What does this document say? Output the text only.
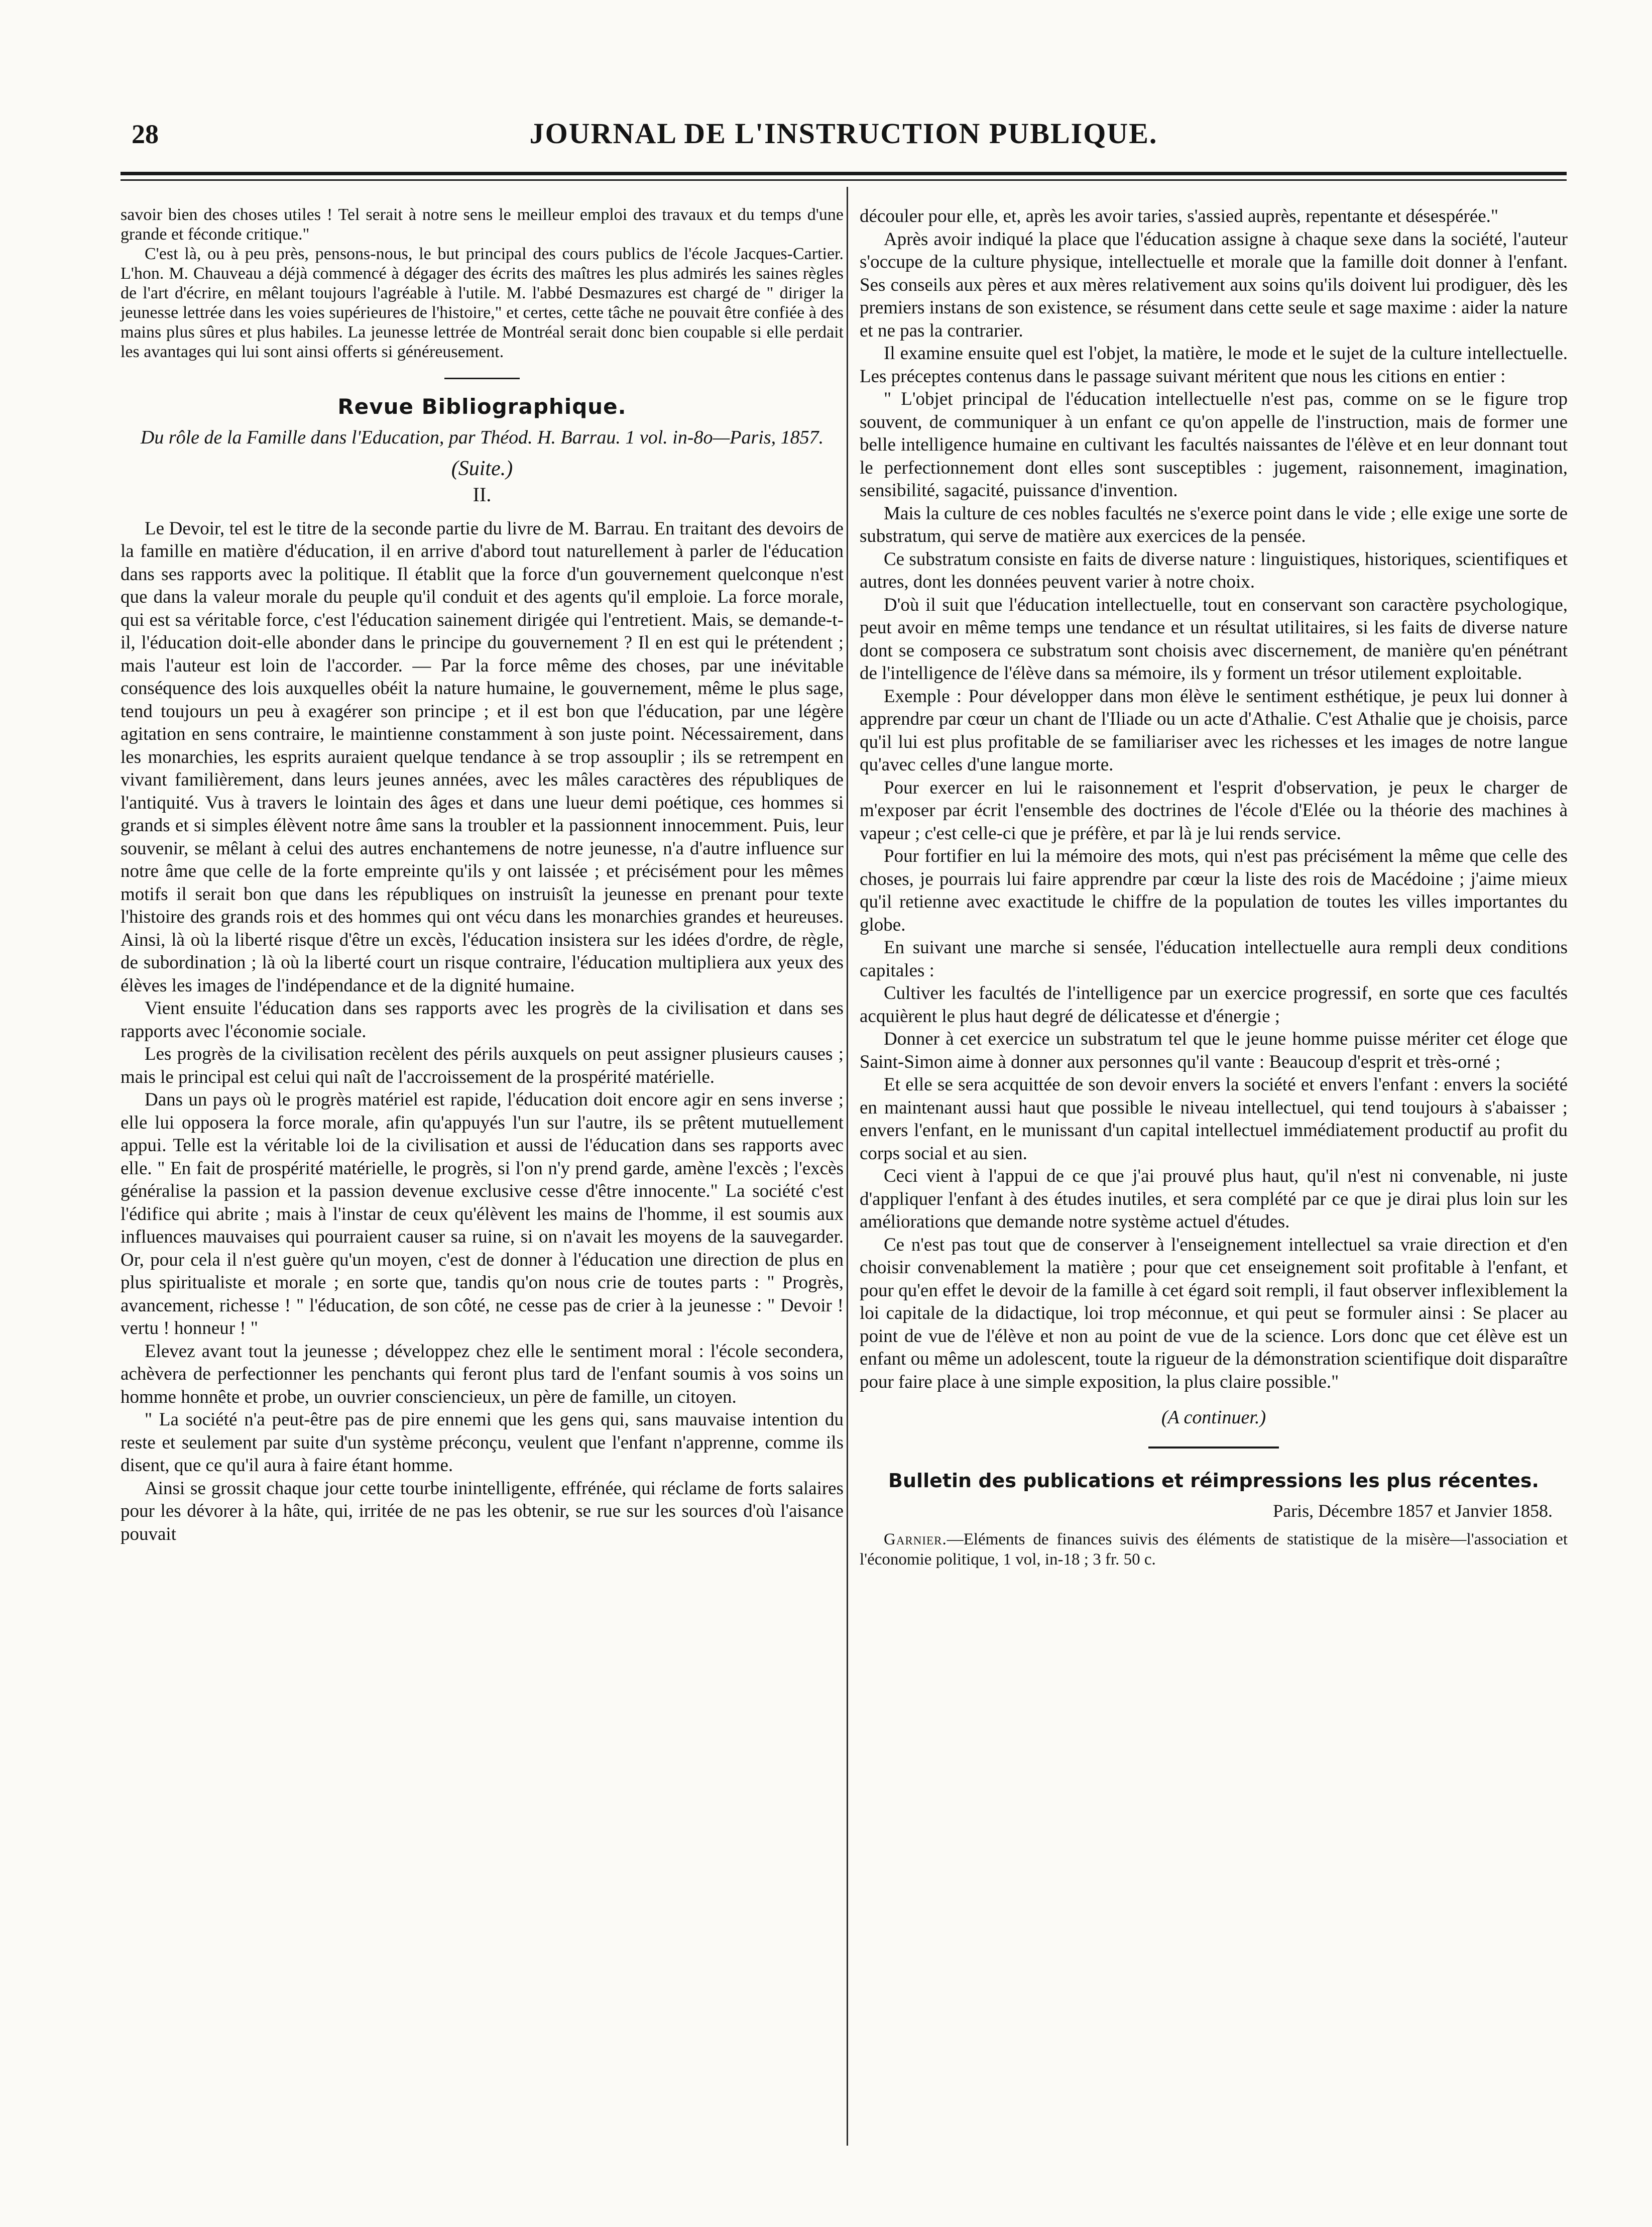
28	JOURNAL DE L'INSTRUCTION PUBLIQUE.

savoir bien des choses utiles ! Tel serait à notre sens le meilleur emploi des travaux et du temps d'une grande et féconde critique."

C'est là, ou à peu près, pensons-nous, le but principal des cours publics de l'école Jacques-Cartier. L'hon. M. Chauveau a déjà commencé à dégager des écrits des maîtres les plus admirés les saines règles de l'art d'écrire, en mêlant toujours l'agréable à l'utile. M. l'abbé Desmazures est chargé de " diriger la jeunesse lettrée dans les voies supérieures de l'histoire," et certes, cette tâche ne pouvait être confiée à des mains plus sûres et plus habiles. La jeunesse lettrée de Montréal serait donc bien coupable si elle perdait les avantages qui lui sont ainsi offerts si généreusement.

Revue Bibliographique.
Du rôle de la Famille dans l'Education, par Théod. H. Barrau. 1 vol. in-8o—Paris, 1857.
(Suite.)
II.

Le Devoir, tel est le titre de la seconde partie du livre de M. Barrau. En traitant des devoirs de la famille en matière d'éducation, il en arrive d'abord tout naturellement à parler de l'éducation dans ses rapports avec la politique. Il établit que la force d'un gouvernement quelconque n'est que dans la valeur morale du peuple qu'il conduit et des agents qu'il emploie. La force morale, qui est sa véritable force, c'est l'éducation sainement dirigée qui l'entretient. Mais, se demande-t-il, l'éducation doit-elle abonder dans le principe du gouvernement ? Il en est qui le prétendent ; mais l'auteur est loin de l'accorder. — Par la force même des choses, par une inévitable conséquence des lois auxquelles obéit la nature humaine, le gouvernement, même le plus sage, tend toujours un peu à exagérer son principe ; et il est bon que l'éducation, par une légère agitation en sens contraire, le maintienne constamment à son juste point. Nécessairement, dans les monarchies, les esprits auraient quelque tendance à se trop assouplir ; ils se retrempent en vivant familièrement, dans leurs jeunes années, avec les mâles caractères des républiques de l'antiquité. Vus à travers le lointain des âges et dans une lueur demi poétique, ces hommes si grands et si simples élèvent notre âme sans la troubler et la passionnent innocemment. Puis, leur souvenir, se mêlant à celui des autres enchantemens de notre jeunesse, n'a d'autre influence sur notre âme que celle de la forte empreinte qu'ils y ont laissée ; et précisément pour les mêmes motifs il serait bon que dans les républiques on instruisît la jeunesse en prenant pour texte l'histoire des grands rois et des hommes qui ont vécu dans les monarchies grandes et heureuses. Ainsi, là où la liberté risque d'être un excès, l'éducation insistera sur les idées d'ordre, de règle, de subordination ; là où la liberté court un risque contraire, l'éducation multipliera aux yeux des élèves les images de l'indépendance et de la dignité humaine.

Vient ensuite l'éducation dans ses rapports avec les progrès de la civilisation et dans ses rapports avec l'économie sociale.

Les progrès de la civilisation recèlent des périls auxquels on peut assigner plusieurs causes ; mais le principal est celui qui naît de l'accroissement de la prospérité matérielle.

Dans un pays où le progrès matériel est rapide, l'éducation doit encore agir en sens inverse ; elle lui opposera la force morale, afin qu'appuyés l'un sur l'autre, ils se prêtent mutuellement appui. Telle est la véritable loi de la civilisation et aussi de l'éducation dans ses rapports avec elle. " En fait de prospérité matérielle, le progrès, si l'on n'y prend garde, amène l'excès ; l'excès généralise la passion et la passion devenue exclusive cesse d'être innocente." La société c'est l'édifice qui abrite ; mais à l'instar de ceux qu'élèvent les mains de l'homme, il est soumis aux influences mauvaises qui pourraient causer sa ruine, si on n'avait les moyens de la sauvegarder. Or, pour cela il n'est guère qu'un moyen, c'est de donner à l'éducation une direction de plus en plus spiritualiste et morale ; en sorte que, tandis qu'on nous crie de toutes parts : " Progrès, avancement, richesse ! " l'éducation, de son côté, ne cesse pas de crier à la jeunesse : " Devoir ! vertu ! honneur ! "

Elevez avant tout la jeunesse ; développez chez elle le sentiment moral : l'école secondera, achèvera de perfectionner les penchants qui feront plus tard de l'enfant soumis à vos soins un homme honnête et probe, un ouvrier consciencieux, un père de famille, un citoyen.

" La société n'a peut-être pas de pire ennemi que les gens qui, sans mauvaise intention du reste et seulement par suite d'un système préconçu, veulent que l'enfant n'apprenne, comme ils disent, que ce qu'il aura à faire étant homme.

Ainsi se grossit chaque jour cette tourbe inintelligente, effrénée, qui réclame de forts salaires pour les dévorer à la hâte, qui, irritée de ne pas les obtenir, se rue sur les sources d'où l'aisance pouvait

découler pour elle, et, après les avoir taries, s'assied auprès, repentante et désespérée."

Après avoir indiqué la place que l'éducation assigne à chaque sexe dans la société, l'auteur s'occupe de la culture physique, intellectuelle et morale que la famille doit donner à l'enfant. Ses conseils aux pères et aux mères relativement aux soins qu'ils doivent lui prodiguer, dès les premiers instans de son existence, se résument dans cette seule et sage maxime : aider la nature et ne pas la contrarier.

Il examine ensuite quel est l'objet, la matière, le mode et le sujet de la culture intellectuelle. Les préceptes contenus dans le passage suivant méritent que nous les citions en entier :

" L'objet principal de l'éducation intellectuelle n'est pas, comme on se le figure trop souvent, de communiquer à un enfant ce qu'on appelle de l'instruction, mais de former une belle intelligence humaine en cultivant les facultés naissantes de l'élève et en leur donnant tout le perfectionnement dont elles sont susceptibles : jugement, raisonnement, imagination, sensibilité, sagacité, puissance d'invention.

Mais la culture de ces nobles facultés ne s'exerce point dans le vide ; elle exige une sorte de substratum, qui serve de matière aux exercices de la pensée.

Ce substratum consiste en faits de diverse nature : linguistiques, historiques, scientifiques et autres, dont les données peuvent varier à notre choix.

D'où il suit que l'éducation intellectuelle, tout en conservant son caractère psychologique, peut avoir en même temps une tendance et un résultat utilitaires, si les faits de diverse nature dont se composera ce substratum sont choisis avec discernement, de manière qu'en pénétrant de l'intelligence de l'élève dans sa mémoire, ils y forment un trésor utilement exploitable.

Exemple : Pour développer dans mon élève le sentiment esthétique, je peux lui donner à apprendre par cœur un chant de l'Iliade ou un acte d'Athalie. C'est Athalie que je choisis, parce qu'il lui est plus profitable de se familiariser avec les richesses et les images de notre langue qu'avec celles d'une langue morte.

Pour exercer en lui le raisonnement et l'esprit d'observation, je peux le charger de m'exposer par écrit l'ensemble des doctrines de l'école d'Elée ou la théorie des machines à vapeur ; c'est celle-ci que je préfère, et par là je lui rends service.

Pour fortifier en lui la mémoire des mots, qui n'est pas précisément la même que celle des choses, je pourrais lui faire apprendre par cœur la liste des rois de Macédoine ; j'aime mieux qu'il retienne avec exactitude le chiffre de la population de toutes les villes importantes du globe.

En suivant une marche si sensée, l'éducation intellectuelle aura rempli deux conditions capitales :

Cultiver les facultés de l'intelligence par un exercice progressif, en sorte que ces facultés acquièrent le plus haut degré de délicatesse et d'énergie ;

Donner à cet exercice un substratum tel que le jeune homme puisse mériter cet éloge que Saint-Simon aime à donner aux personnes qu'il vante : Beaucoup d'esprit et très-orné ;

Et elle se sera acquittée de son devoir envers la société et envers l'enfant : envers la société en maintenant aussi haut que possible le niveau intellectuel, qui tend toujours à s'abaisser ; envers l'enfant, en le munissant d'un capital intellectuel immédiatement productif au profit du corps social et au sien.

Ceci vient à l'appui de ce que j'ai prouvé plus haut, qu'il n'est ni convenable, ni juste d'appliquer l'enfant à des études inutiles, et sera complété par ce que je dirai plus loin sur les améliorations que demande notre système actuel d'études.

Ce n'est pas tout que de conserver à l'enseignement intellectuel sa vraie direction et d'en choisir convenablement la matière ; pour que cet enseignement soit profitable à l'enfant, et pour qu'en effet le devoir de la famille à cet égard soit rempli, il faut observer inflexiblement la loi capitale de la didactique, loi trop méconnue, et qui peut se formuler ainsi : Se placer au point de vue de l'élève et non au point de vue de la science. Lors donc que cet élève est un enfant ou même un adolescent, toute la rigueur de la démonstration scientifique doit disparaître pour faire place à une simple exposition, la plus claire possible."

(A continuer.)
Bulletin des publications et réimpressions les plus récentes.
Paris, Décembre 1857 et Janvier 1858.

Garnier.—Eléments de finances suivis des éléments de statistique de la misère—l'association et l'économie politique, 1 vol, in-18 ; 3 fr. 50 c.
